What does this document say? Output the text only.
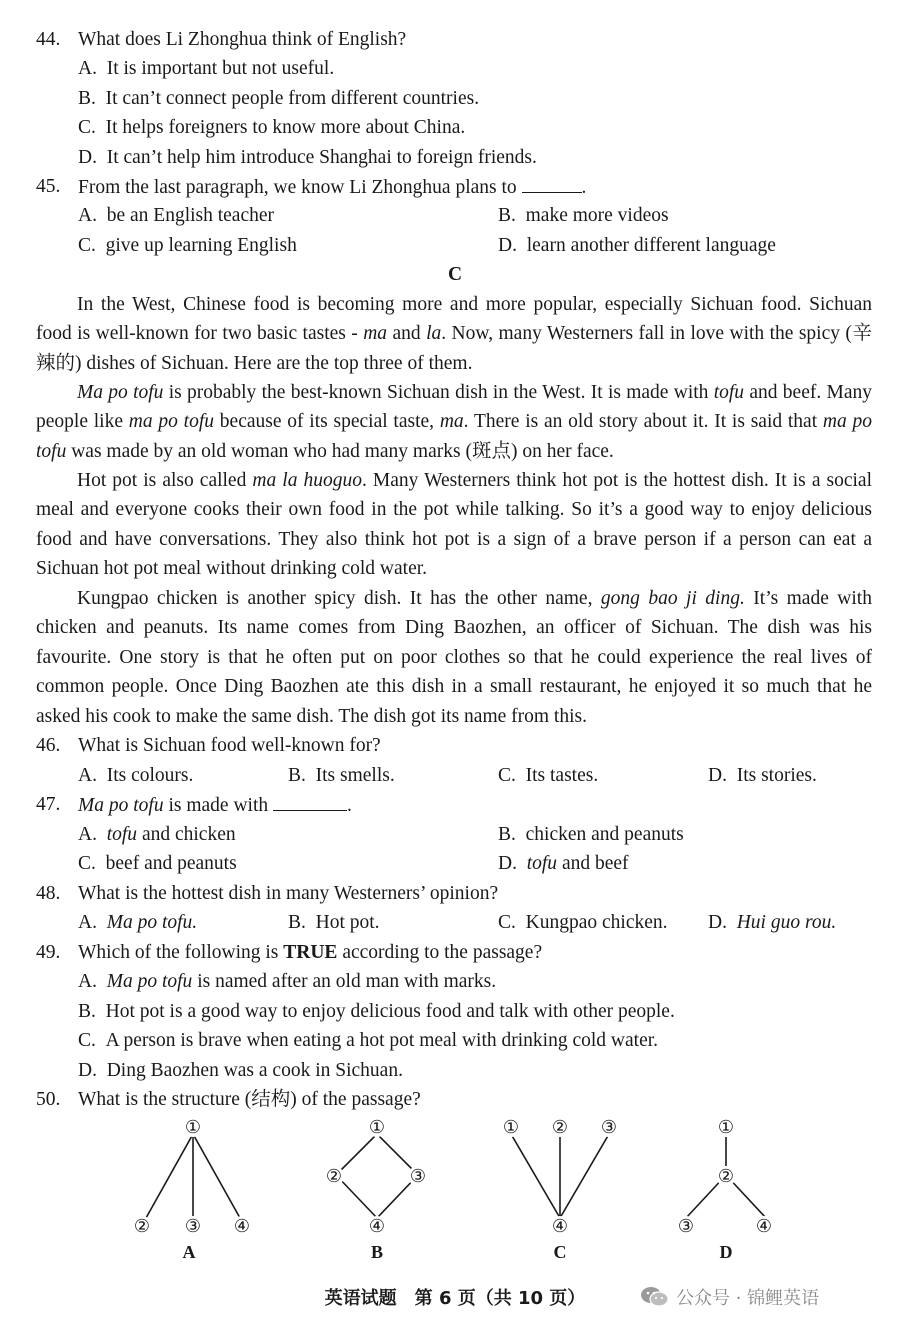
44. What does Li Zhonghua think of English?
A. It is important but not useful.
B. It can’t connect people from different countries.
C. It helps foreigners to know more about China.
D. It can’t help him introduce Shanghai to foreign friends.
45. From the last paragraph, we know Li Zhonghua plans to	.
A. be an English teacher	B. make more videos
C. give up learning English	D. learn another different language
C
In the West, Chinese food is becoming more and more popular, especially Sichuan food. Sichuan food is well-known for two basic tastes - ma and la. Now, many Westerners fall in love with the spicy (辛辣的) dishes of Sichuan. Here are the top three of them.
Ma po tofu is probably the best-known Sichuan dish in the West. It is made with tofu and beef. Many people like ma po tofu because of its special taste, ma. There is an old story about it. It is said that ma po tofu was made by an old woman who had many marks (斑点) on her face.
Hot pot is also called ma la huoguo. Many Westerners think hot pot is the hottest dish. It is a social meal and everyone cooks their own food in the pot while talking. So it’s a good way to enjoy delicious food and have conversations. They also think hot pot is a sign of a brave person if a person can eat a Sichuan hot pot meal without drinking cold water.
Kungpao chicken is another spicy dish. It has the other name, gong bao ji ding. It’s made with chicken and peanuts. Its name comes from Ding Baozhen, an officer of Sichuan. The dish was his favourite. One story is that he often put on poor clothes so that he could experience the real lives of common people. Once Ding Baozhen ate this dish in a small restaurant, he enjoyed it so much that he asked his cook to make the same dish. The dish got its name from this.
46. What is Sichuan food well-known for?
A. Its colours.	B. Its smells.	C. Its tastes.	D. Its stories.
47. Ma po tofu is made with	.
A. tofu and chicken	B. chicken and peanuts
C. beef and peanuts	D. tofu and beef
48. What is the hottest dish in many Westerners’ opinion?
A. Ma po tofu.	B. Hot pot.	C. Kungpao chicken. D. Hui guo rou.
49. Which of the following is TRUE according to the passage?
A. Ma po tofu is named after an old man with marks.
B. Hot pot is a good way to enjoy delicious food and talk with other people.
C. A person is brave when eating a hot pot meal with drinking cold water.
D. Ding Baozhen was a cook in Sichuan.
50. What is the structure (结构) of the passage?
①
② ③ ④
A
①
②	③
④
B
① ② ③
④
C
①
②
③	④
D
英语试题　第 6 页（共 10 页）	公众号 · 锦鲤英语
